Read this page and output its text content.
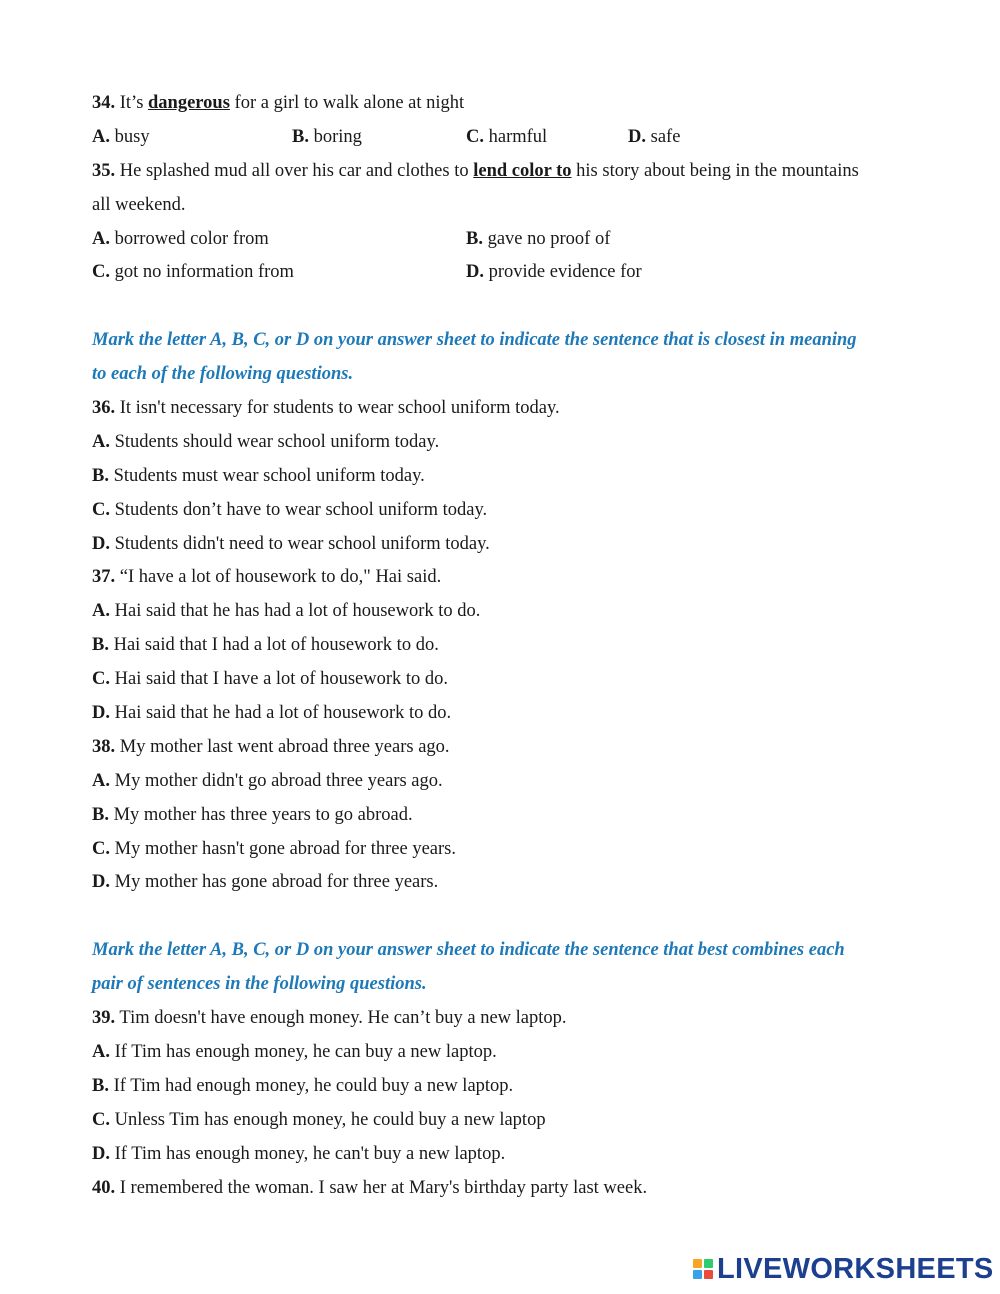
34. It’s dangerous for a girl to walk alone at night
A. busy	B. boring	C. harmful	D. safe
35. He splashed mud all over his car and clothes to lend color to his story about being in the mountains
all weekend.
A. borrowed color from	B. gave no proof of
C. got no information from	D. provide evidence for
Mark the letter A, B, C, or D on your answer sheet to indicate the sentence that is closest in meaning
to each of the following questions.
36. It isn't necessary for students to wear school uniform today.
A. Students should wear school uniform today.
B. Students must wear school uniform today.
C. Students don’t have to wear school uniform today.
D. Students didn't need to wear school uniform today.
37. “I have a lot of housework to do," Hai said.
A. Hai said that he has had a lot of housework to do.
B. Hai said that I had a lot of housework to do.
C. Hai said that I have a lot of housework to do.
D. Hai said that he had a lot of housework to do.
38. My mother last went abroad three years ago.
A. My mother didn't go abroad three years ago.
B. My mother has three years to go abroad.
C. My mother hasn't gone abroad for three years.
D. My mother has gone abroad for three years.
Mark the letter A, B, C, or D on your answer sheet to indicate the sentence that best combines each
pair of sentences in the following questions.
39. Tim doesn't have enough money. He can’t buy a new laptop.
A. If Tim has enough money, he can buy a new laptop.
B. If Tim had enough money, he could buy a new laptop.
C. Unless Tim has enough money, he could buy a new laptop
D. If Tim has enough money, he can't buy a new laptop.
40. I remembered the woman. I saw her at Mary's birthday party last week.
LIVEWORKSHEETS
